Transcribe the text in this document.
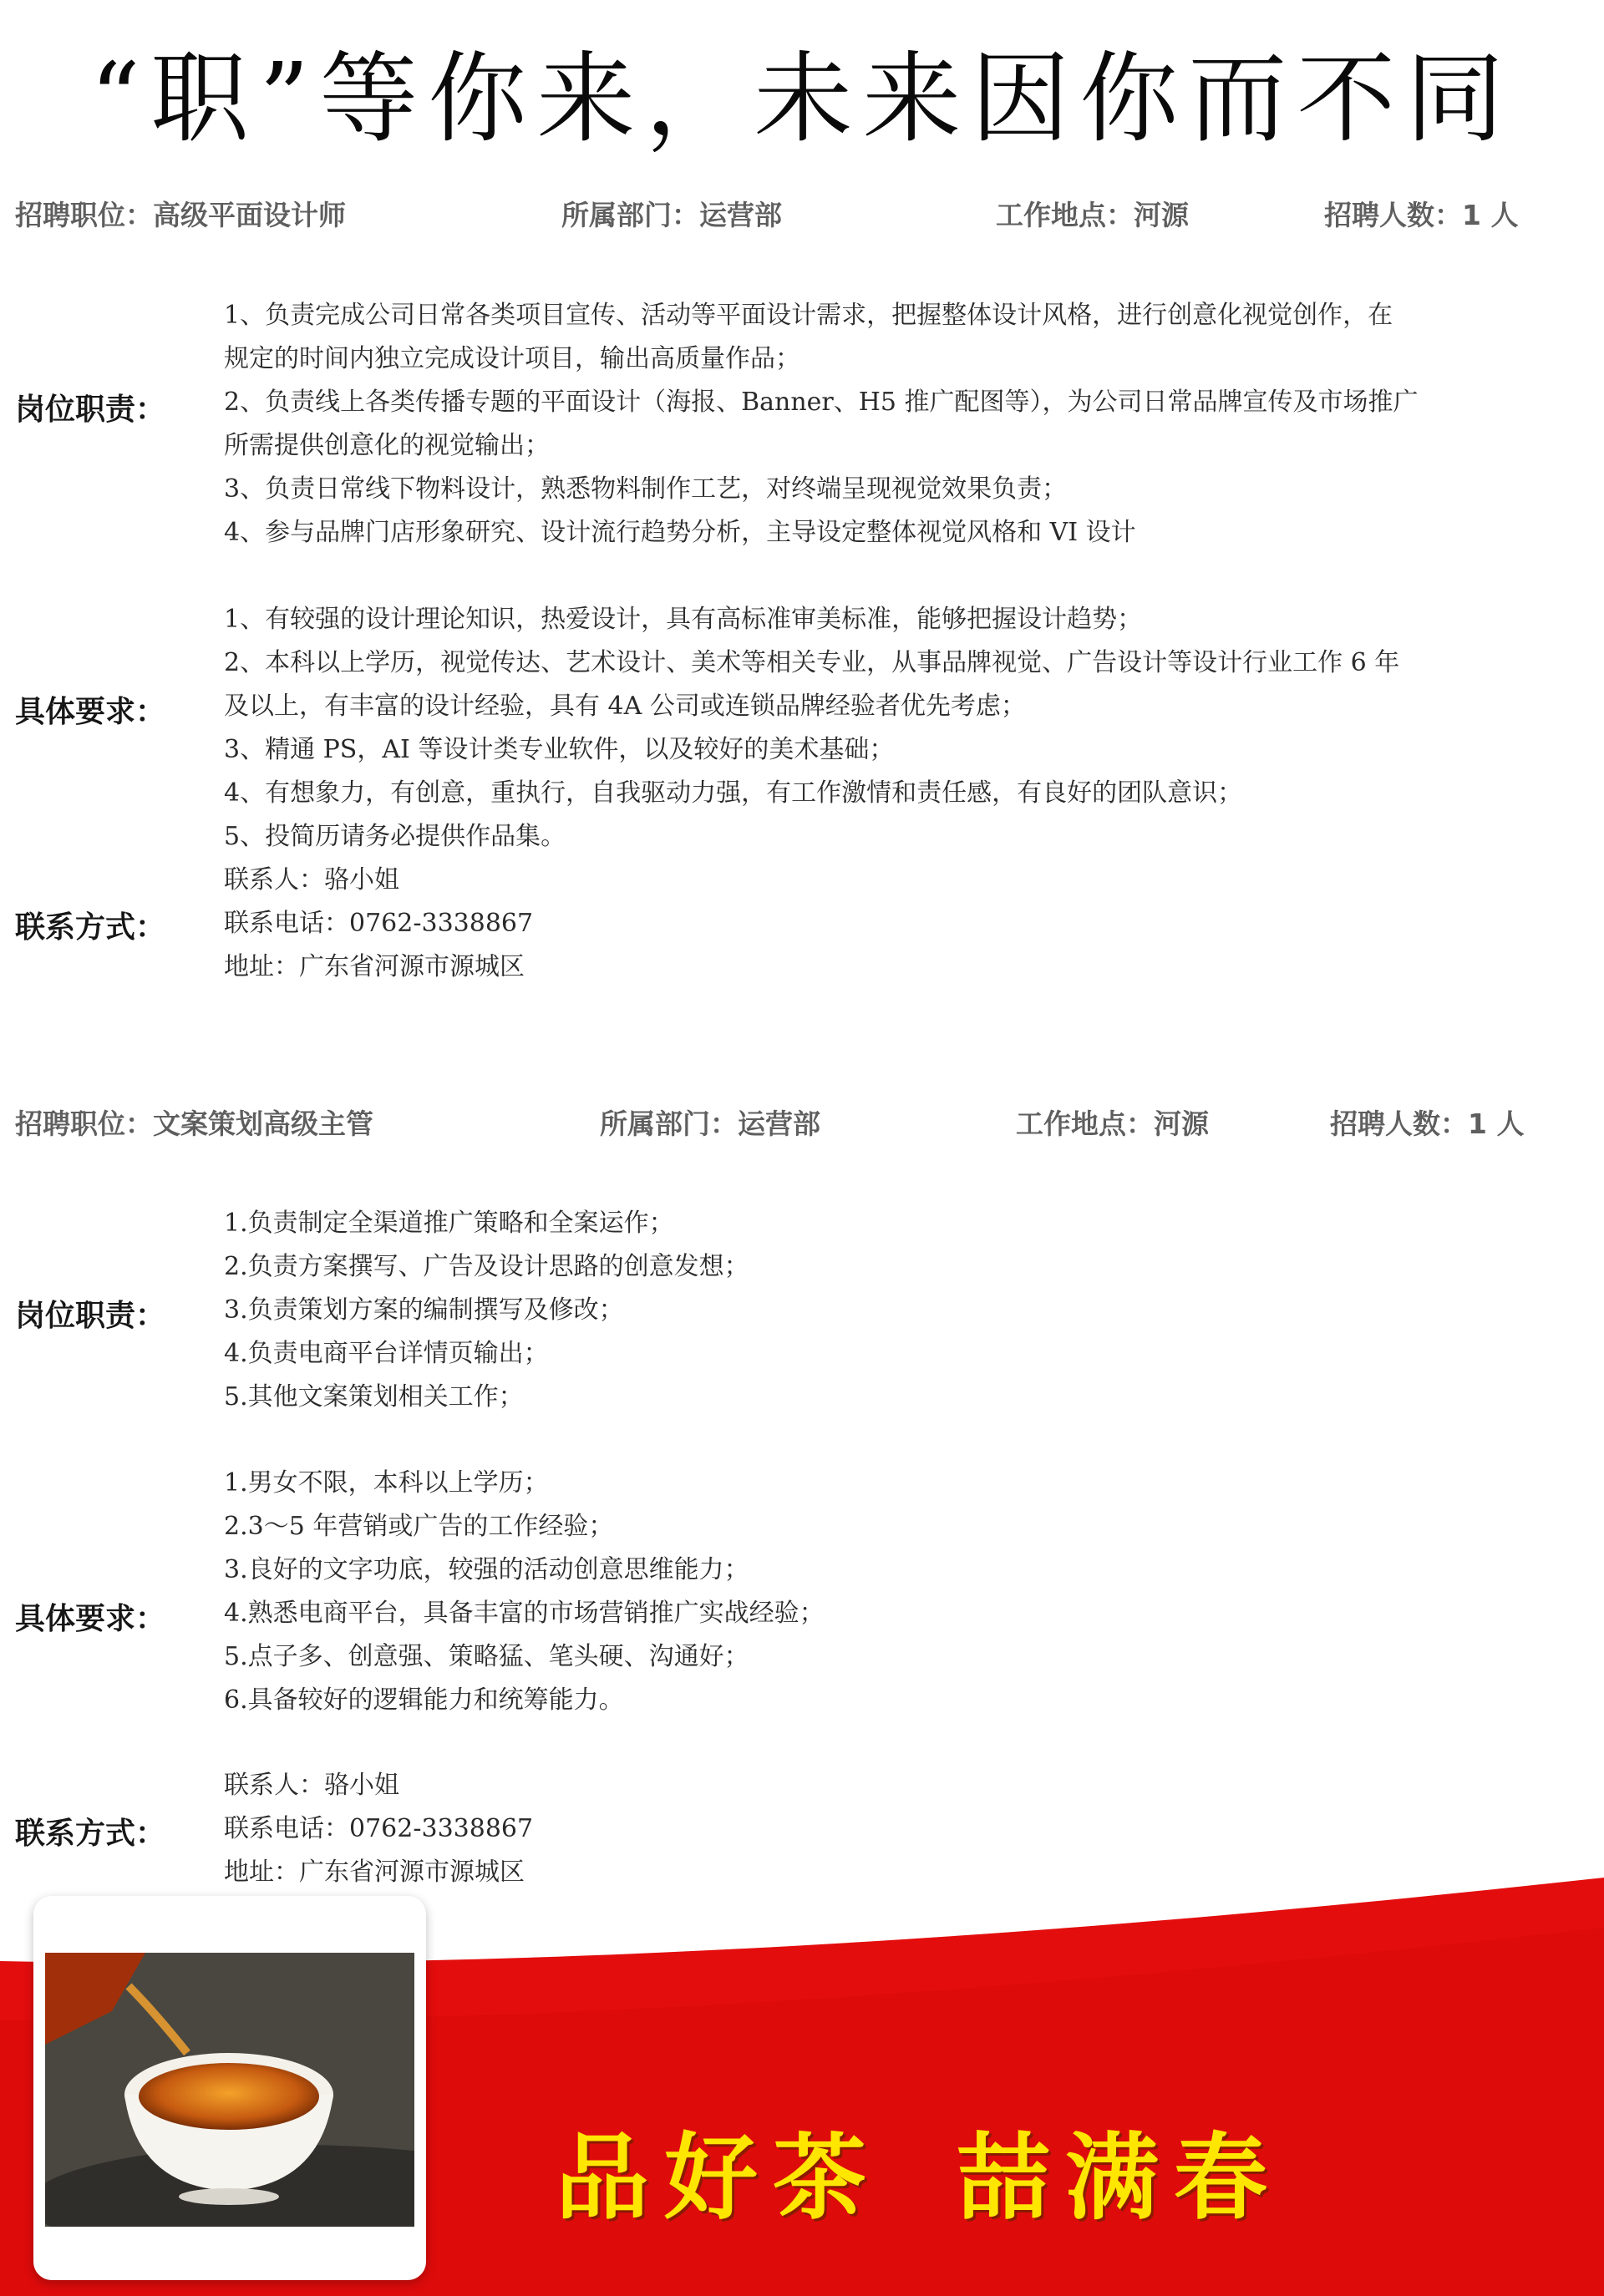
“职”等你来，未来因你而不同
招聘职位：高级平面设计师	所属部门：运营部	工作地点：河源	招聘人数：1 人
岗位职责：
1、负责完成公司日常各类项目宣传、活动等平面设计需求，把握整体设计风格，进行创意化视觉创作，在
规定的时间内独立完成设计项目，输出高质量作品；
2、负责线上各类传播专题的平面设计（海报、Banner、H5 推广配图等），为公司日常品牌宣传及市场推广
所需提供创意化的视觉输出；
3、负责日常线下物料设计，熟悉物料制作工艺，对终端呈现视觉效果负责；
4、参与品牌门店形象研究、设计流行趋势分析，主导设定整体视觉风格和 VI 设计
具体要求：
1、有较强的设计理论知识，热爱设计，具有高标准审美标准，能够把握设计趋势；
2、本科以上学历，视觉传达、艺术设计、美术等相关专业，从事品牌视觉、广告设计等设计行业工作 6 年
及以上，有丰富的设计经验，具有 4A 公司或连锁品牌经验者优先考虑；
3、精通 PS，AI 等设计类专业软件，以及较好的美术基础；
4、有想象力，有创意，重执行，自我驱动力强，有工作激情和责任感，有良好的团队意识；
5、投简历请务必提供作品集。
联系方式：
联系人：骆小姐
联系电话：0762-3338867
地址：广东省河源市源城区
招聘职位：文案策划高级主管	所属部门：运营部	工作地点：河源	招聘人数：1 人
岗位职责：
1.负责制定全渠道推广策略和全案运作；
2.负责方案撰写、广告及设计思路的创意发想；
3.负责策划方案的编制撰写及修改；
4.负责电商平台详情页输出；
5.其他文案策划相关工作；
具体要求：
1.男女不限，本科以上学历；
2.3～5 年营销或广告的工作经验；
3.良好的文字功底，较强的活动创意思维能力；
4.熟悉电商平台，具备丰富的市场营销推广实战经验；
5.点子多、创意强、策略猛、笔头硬、沟通好；
6.具备较好的逻辑能力和统筹能力。
联系方式：
联系人：骆小姐
联系电话：0762-3338867
地址：广东省河源市源城区
品好茶 喆满春
